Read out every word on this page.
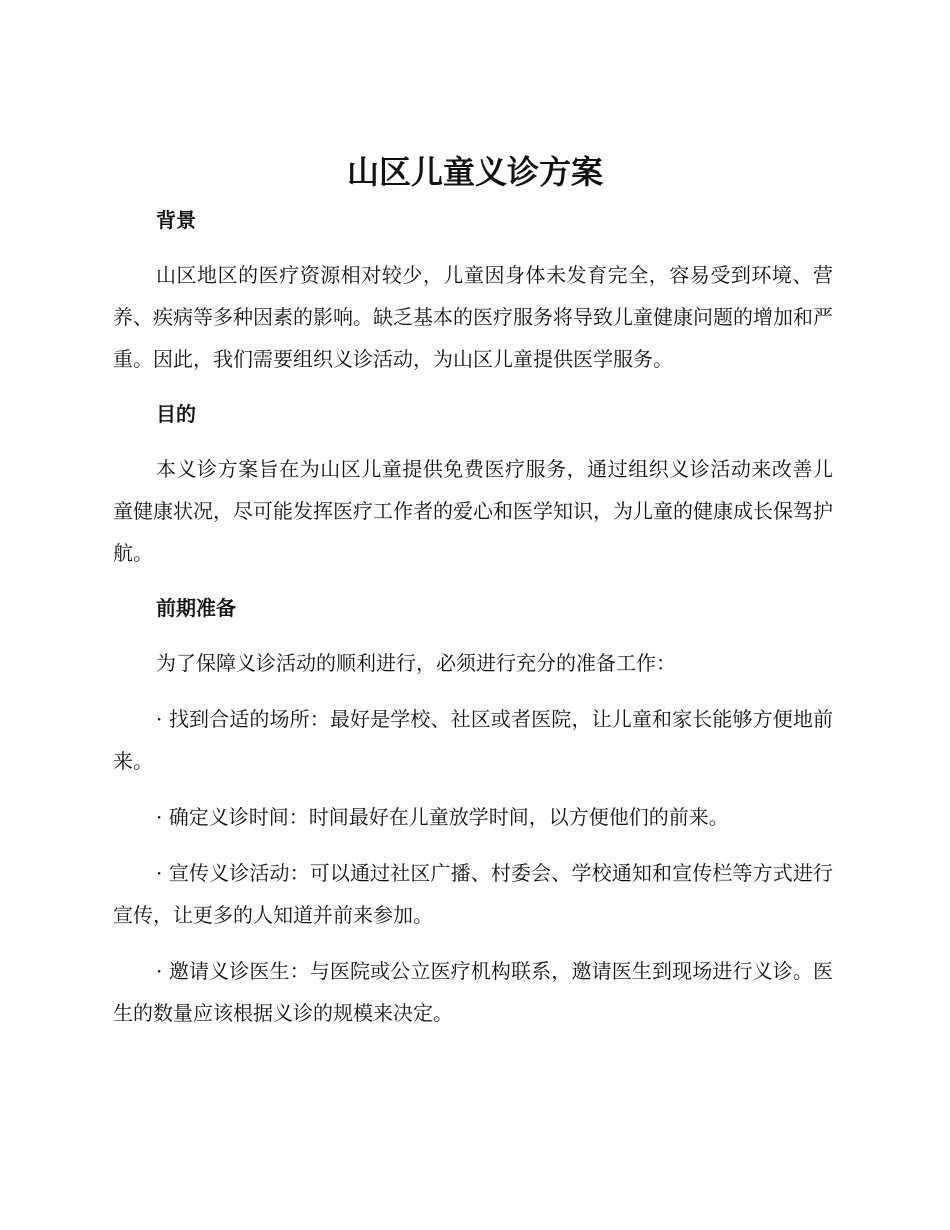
山区儿童义诊方案
背景

山区地区的医疗资源相对较少，儿童因身体未发育完全，容易受到环境、营养、疾病等多种因素的影响。缺乏基本的医疗服务将导致儿童健康问题的增加和严重。因此，我们需要组织义诊活动，为山区儿童提供医学服务。

目的

本义诊方案旨在为山区儿童提供免费医疗服务，通过组织义诊活动来改善儿童健康状况，尽可能发挥医疗工作者的爱心和医学知识，为儿童的健康成长保驾护航。

前期准备

为了保障义诊活动的顺利进行，必须进行充分的准备工作：

· 找到合适的场所：最好是学校、社区或者医院，让儿童和家长能够方便地前来。

· 确定义诊时间：时间最好在儿童放学时间，以方便他们的前来。

· 宣传义诊活动：可以通过社区广播、村委会、学校通知和宣传栏等方式进行宣传，让更多的人知道并前来参加。

· 邀请义诊医生：与医院或公立医疗机构联系，邀请医生到现场进行义诊。医生的数量应该根据义诊的规模来决定。
